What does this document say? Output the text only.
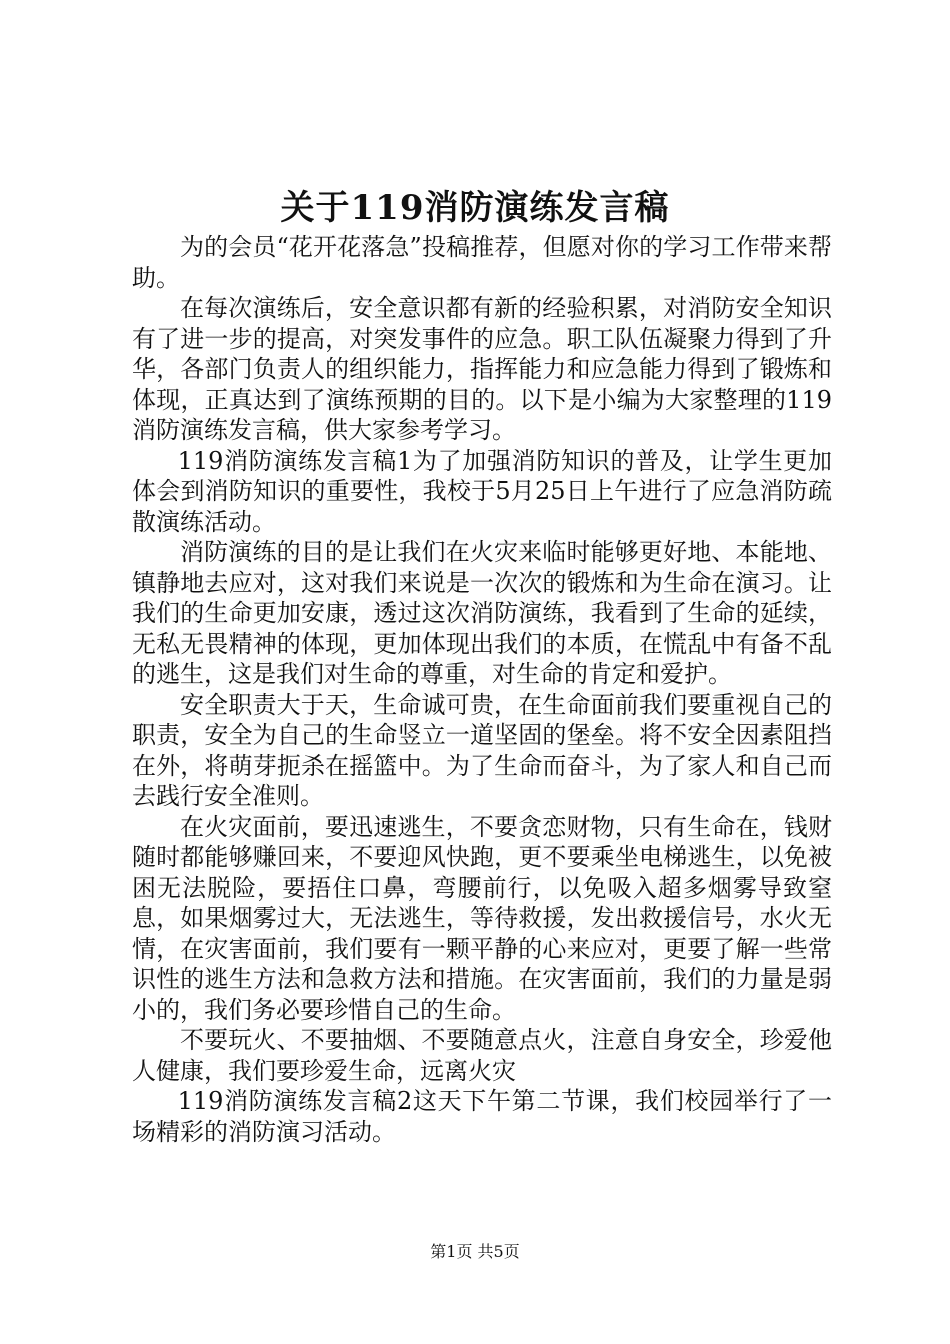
关于119消防演练发言稿

为的会员“花开花落急”投稿推荐，但愿对你的学习工作带来帮助。

在每次演练后，安全意识都有新的经验积累，对消防安全知识有了进一步的提高，对突发事件的应急。职工队伍凝聚力得到了升华，各部门负责人的组织能力，指挥能力和应急能力得到了锻炼和体现，正真达到了演练预期的目的。以下是小编为大家整理的119消防演练发言稿，供大家参考学习。

119消防演练发言稿1为了加强消防知识的普及，让学生更加体会到消防知识的重要性，我校于5月25日上午进行了应急消防疏散演练活动。

消防演练的目的是让我们在火灾来临时能够更好地、本能地、镇静地去应对，这对我们来说是一次次的锻炼和为生命在演习。让我们的生命更加安康，透过这次消防演练，我看到了生命的延续，无私无畏精神的体现，更加体现出我们的本质，在慌乱中有备不乱的逃生，这是我们对生命的尊重，对生命的肯定和爱护。

安全职责大于天，生命诚可贵，在生命面前我们要重视自己的职责，安全为自己的生命竖立一道坚固的堡垒。将不安全因素阻挡在外，将萌芽扼杀在摇篮中。为了生命而奋斗，为了家人和自己而去践行安全准则。

在火灾面前，要迅速逃生，不要贪恋财物，只有生命在，钱财随时都能够赚回来，不要迎风快跑，更不要乘坐电梯逃生，以免被困无法脱险，要捂住口鼻，弯腰前行，以免吸入超多烟雾导致窒息，如果烟雾过大，无法逃生，等待救援，发出救援信号，水火无情，在灾害面前，我们要有一颗平静的心来应对，更要了解一些常识性的逃生方法和急救方法和措施。在灾害面前，我们的力量是弱小的，我们务必要珍惜自己的生命。

不要玩火、不要抽烟、不要随意点火，注意自身安全，珍爱他人健康，我们要珍爱生命，远离火灾

119消防演练发言稿2这天下午第二节课，我们校园举行了一场精彩的消防演习活动。

第1页 共5页
